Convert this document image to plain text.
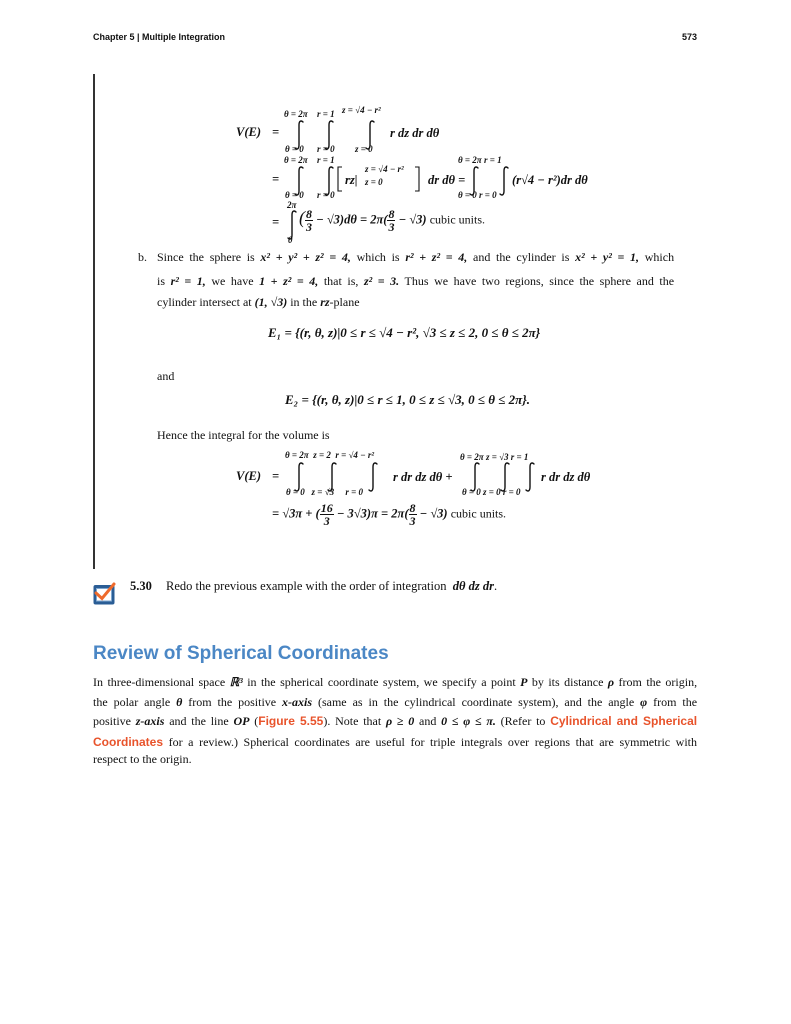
Chapter 5 | Multiple Integration	573
V(E) =
θ = 2π r = 1 z = √4 − r²
θ = 0 r = 0 z = 0
r dz dr dθ
=
θ = 2π r = 1
θ = 0 r = 0
rz|
z = √4 − r²
z = 0	dr dθ =
θ = 2π r = 1
θ = 0 r = 0
(r√4 − r²)dr dθ
=
2π
0
( $\frac{8}{3} - √3)d\theta = 2\pi( \frac{8}{3} - √3)$ cubic units.
b. Since the sphere is x² + y² + z² = 4, which is r² + z² = 4, and the cylinder is x² + y² = 1, which
is r² = 1, we have 1 + z² = 4, that is, z² = 3. Thus we have two regions, since the sphere and the
cylinder intersect at (1, √3) in the rz-plane
E₁ = {(r, θ, z)|0 ≤ r ≤ √4 − r², √3 ≤ z ≤ 2, 0 ≤ θ ≤ 2π}
and
E₂ = {(r, θ, z)|0 ≤ r ≤ 1, 0 ≤ z ≤ √3, 0 ≤ θ ≤ 2π}.
Hence the integral for the volume is
V(E) =
θ = 2π  z = 2  r = √4 − r²
θ = 0   z = √3     r = 0
r dr dz dθ +
θ = 2π z = √3 r = 1
θ = 0 z = 0 r = 0
r dr dz dθ
= √3π + ( $\frac{16}{3} - 3√3)\pi = 2\pi( \frac{8}{3} - √3)$ cubic units.
5.30 Redo the previous example with the order of integration dθ dz dr.
Review of Spherical Coordinates
In three-dimensional space ℝ³ in the spherical coordinate system, we specify a point P by its distance ρ from the origin,
the polar angle θ from the positive x-axis (same as in the cylindrical coordinate system), and the angle φ from the
positive z-axis and the line OP (Figure 5.55). Note that ρ ≥ 0 and 0 ≤ φ ≤ π. (Refer to Cylindrical and Spherical
Coordinates for a review.) Spherical coordinates are useful for triple integrals over regions that are symmetric with
respect to the origin.
